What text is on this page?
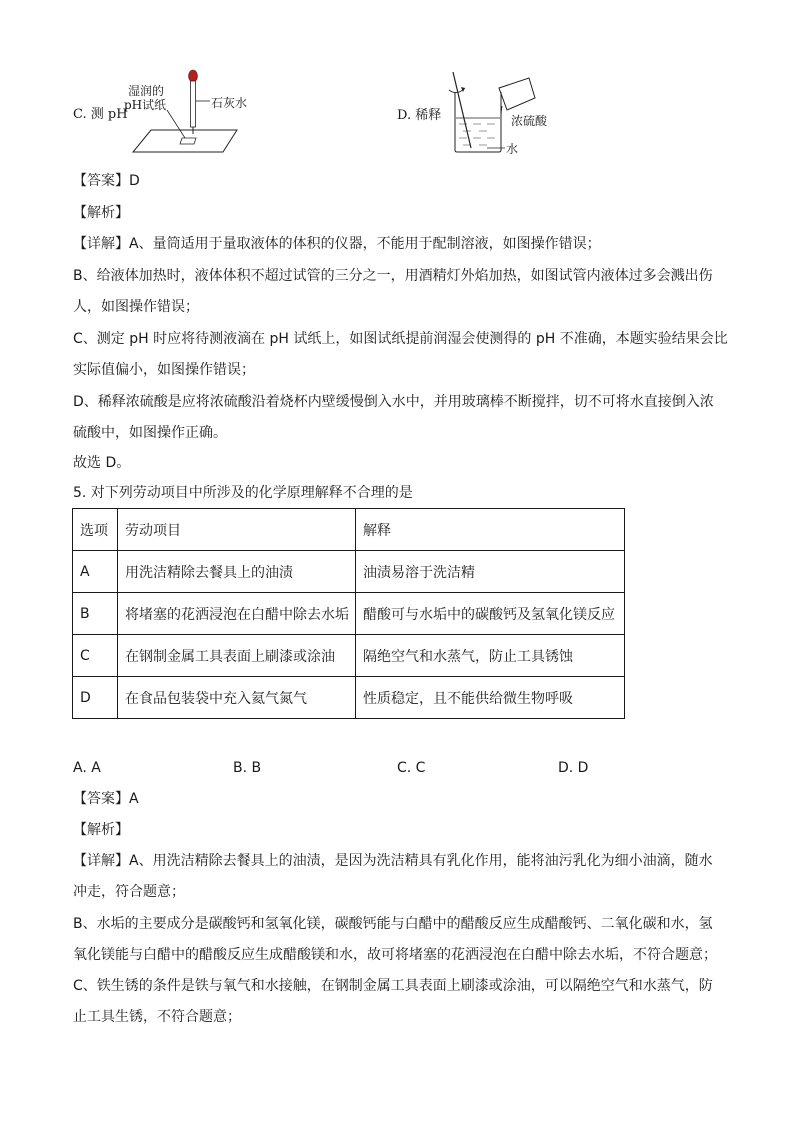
C. 测 pH
湿润的
pH试纸	石灰水
D. 稀释	浓硫酸
水
【答案】D
【解析】
【详解】A、量筒适用于量取液体的体积的仪器，不能用于配制溶液，如图操作错误；
B、给液体加热时，液体体积不超过试管的三分之一，用酒精灯外焰加热，如图试管内液体过多会溅出伤
人，如图操作错误；
C、测定 pH 时应将待测液滴在 pH 试纸上，如图试纸提前润湿会使测得的 pH 不准确，本题实验结果会比
实际值偏小，如图操作错误；
D、稀释浓硫酸是应将浓硫酸沿着烧杯内壁缓慢倒入水中，并用玻璃棒不断搅拌，切不可将水直接倒入浓
硫酸中，如图操作正确。
故选 D。
5. 对下列劳动项目中所涉及的化学原理解释不合理的是
选项	劳动项目	解释
A	用洗洁精除去餐具上的油渍	油渍易溶于洗洁精
B	将堵塞的花洒浸泡在白醋中除去水垢	醋酸可与水垢中的碳酸钙及氢氧化镁反应
C	在钢制金属工具表面上刷漆或涂油	隔绝空气和水蒸气，防止工具锈蚀
D	在食品包装袋中充入氦气氮气	性质稳定，且不能供给微生物呼吸
A. A	B. B	C. C	D. D
【答案】A
【解析】
【详解】A、用洗洁精除去餐具上的油渍，是因为洗洁精具有乳化作用，能将油污乳化为细小油滴，随水
冲走，符合题意；
B、水垢的主要成分是碳酸钙和氢氧化镁，碳酸钙能与白醋中的醋酸反应生成醋酸钙、二氧化碳和水，氢
氧化镁能与白醋中的醋酸反应生成醋酸镁和水，故可将堵塞的花洒浸泡在白醋中除去水垢，不符合题意；
C、铁生锈的条件是铁与氧气和水接触，在钢制金属工具表面上刷漆或涂油，可以隔绝空气和水蒸气，防
止工具生锈，不符合题意；
